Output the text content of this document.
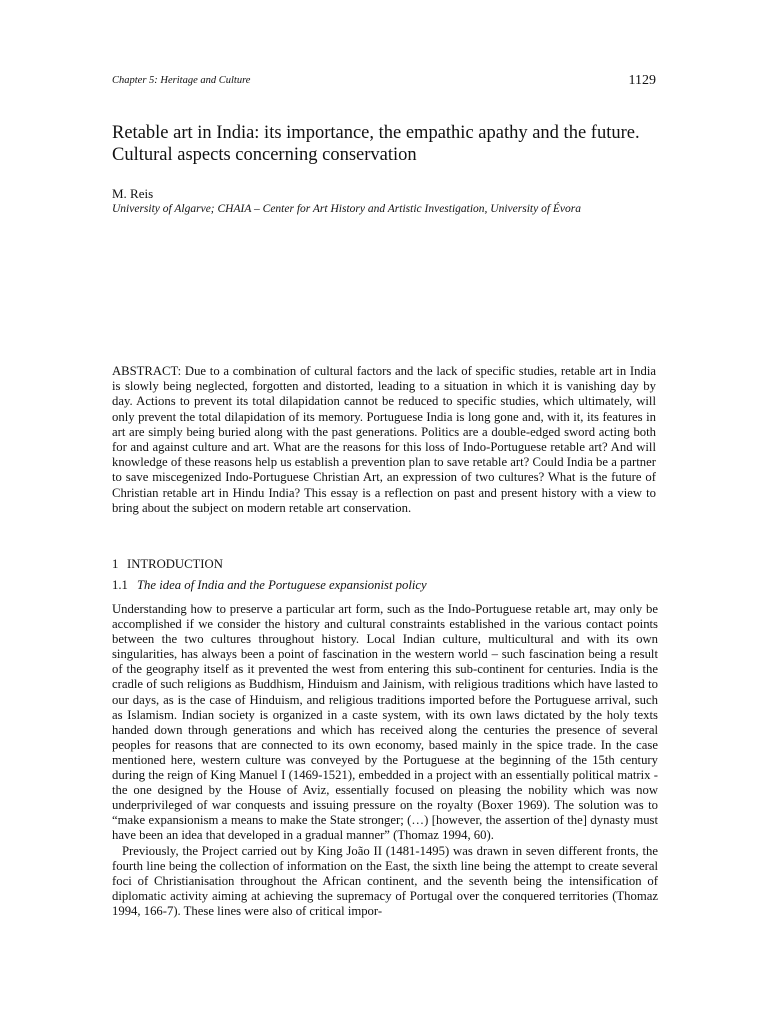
Chapter 5: Heritage and Culture	1129
Retable art in India: its importance, the empathic apathy and the future. Cultural aspects concerning conservation
M. Reis
University of Algarve; CHAIA – Center for Art History and Artistic Investigation, University of Évora

ABSTRACT: Due to a combination of cultural factors and the lack of specific studies, retable art in India is slowly being neglected, forgotten and distorted, leading to a situation in which it is vanishing day by day. Actions to prevent its total dilapidation cannot be reduced to specific studies, which ultimately, will only prevent the total dilapidation of its memory. Portuguese India is long gone and, with it, its features in art are simply being buried along with the past generations. Politics are a double-edged sword acting both for and against culture and art. What are the reasons for this loss of Indo-Portuguese retable art? And will knowledge of these reasons help us establish a prevention plan to save retable art? Could India be a partner to save miscegenized Indo-Portuguese Christian Art, an expression of two cultures? What is the future of Christian retable art in Hindu India? This essay is a reflection on past and present history with a view to bring about the subject on modern retable art conservation.

1 INTRODUCTION
1.1 The idea of India and the Portuguese expansionist policy

Understanding how to preserve a particular art form, such as the Indo-Portuguese retable art, may only be accomplished if we consider the history and cultural constraints established in the various contact points between the two cultures throughout history. Local Indian culture, multicultural and with its own singularities, has always been a point of fascination in the western world – such fascination being a result of the geography itself as it prevented the west from entering this sub-continent for centuries. India is the cradle of such religions as Buddhism, Hinduism and Jainism, with religious traditions which have lasted to our days, as is the case of Hinduism, and religious traditions imported before the Portuguese arrival, such as Islamism. Indian society is organized in a caste system, with its own laws dictated by the holy texts handed down through generations and which has received along the centuries the presence of several peoples for reasons that are connected to its own economy, based mainly in the spice trade. In the case mentioned here, western culture was conveyed by the Portuguese at the beginning of the 15th century during the reign of King Manuel I (1469-1521), embedded in a project with an essentially political matrix - the one designed by the House of Aviz, essentially focused on pleasing the nobility which was now underprivileged of war conquests and issuing pressure on the royalty (Boxer 1969). The solution was to “make expansionism a means to make the State stronger; (…) [however, the assertion of the] dynasty must have been an idea that developed in a gradual manner” (Thomaz 1994, 60).

Previously, the Project carried out by King João II (1481-1495) was drawn in seven different fronts, the fourth line being the collection of information on the East, the sixth line being the attempt to create several foci of Christianisation throughout the African continent, and the seventh being the intensification of diplomatic activity aiming at achieving the supremacy of Portugal over the conquered territories (Thomaz 1994, 166-7). These lines were also of critical impor-
